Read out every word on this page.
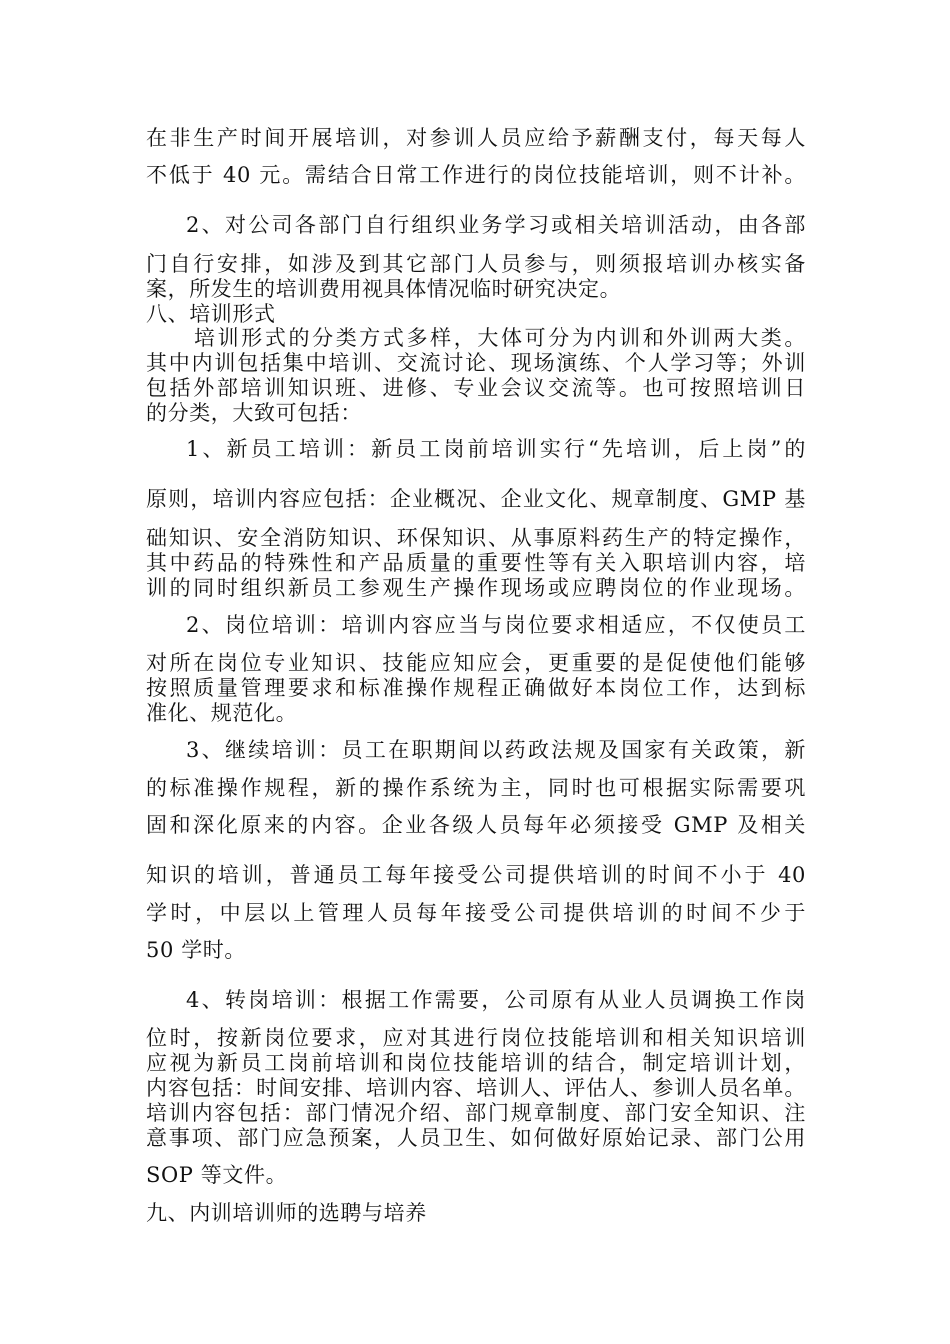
在非生产时间开展培训，对参训人员应给予薪酬支付，每天每人
不低于 40 元。需结合日常工作进行的岗位技能培训，则不计补。
2、对公司各部门自行组织业务学习或相关培训活动，由各部
门自行安排，如涉及到其它部门人员参与，则须报培训办核实备
案，所发生的培训费用视具体情况临时研究决定。
八、培训形式
培训形式的分类方式多样，大体可分为内训和外训两大类。
其中内训包括集中培训、交流讨论、现场演练、个人学习等；外训
包括外部培训知识班、进修、专业会议交流等。也可按照培训日
的分类，大致可包括：
1、新员工培训：新员工岗前培训实行“先培训，后上岗”的
原则，培训内容应包括：企业概况、企业文化、规章制度、GMP 基
础知识、安全消防知识、环保知识、从事原料药生产的特定操作，
其中药品的特殊性和产品质量的重要性等有关入职培训内容，培
训的同时组织新员工参观生产操作现场或应聘岗位的作业现场。
2、岗位培训：培训内容应当与岗位要求相适应，不仅使员工
对所在岗位专业知识、技能应知应会，更重要的是促使他们能够
按照质量管理要求和标准操作规程正确做好本岗位工作，达到标
准化、规范化。
3、继续培训：员工在职期间以药政法规及国家有关政策，新
的标准操作规程，新的操作系统为主，同时也可根据实际需要巩
固和深化原来的内容。企业各级人员每年必须接受 GMP 及相关
知识的培训，普通员工每年接受公司提供培训的时间不小于 40
学时，中层以上管理人员每年接受公司提供培训的时间不少于
50 学时。
4、转岗培训：根据工作需要，公司原有从业人员调换工作岗
位时，按新岗位要求，应对其进行岗位技能培训和相关知识培训
应视为新员工岗前培训和岗位技能培训的结合，制定培训计划，
内容包括：时间安排、培训内容、培训人、评估人、参训人员名单。
培训内容包括：部门情况介绍、部门规章制度、部门安全知识、注
意事项、部门应急预案，人员卫生、如何做好原始记录、部门公用
SOP 等文件。
九、内训培训师的选聘与培养
